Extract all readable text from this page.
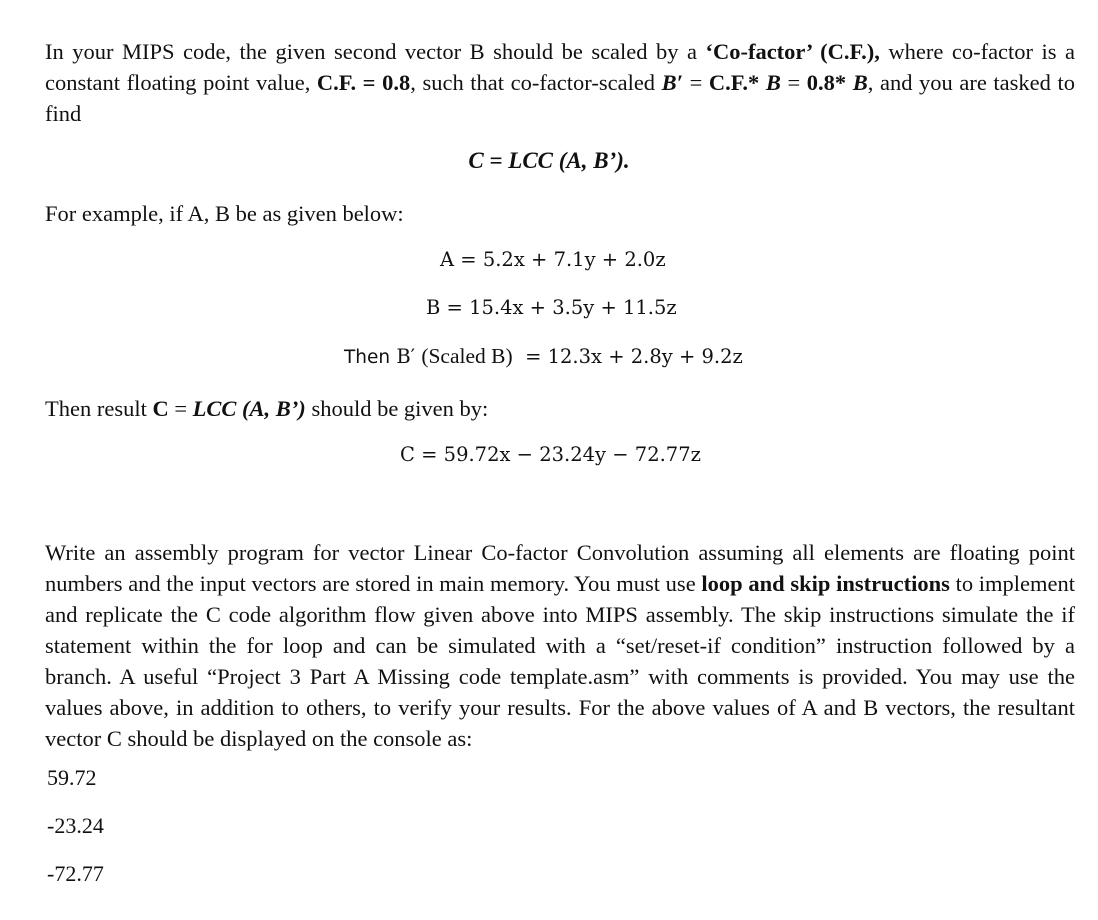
In your MIPS code, the given second vector B should be scaled by a ‘Co-factor’ (C.F.), where co-factor is a constant floating point value, C.F. = 0.8, such that co-factor-scaled B′ = C.F.* B = 0.8* B, and you are tasked to find

C = LCC (A, B’).

For example, if A, B be as given below:

A = 5.2x + 7.1y + 2.0z

B = 15.4x + 3.5y + 11.5z

Then B′ (Scaled B) = 12.3x + 2.8y + 9.2z

Then result C = LCC (A, B’) should be given by:

C = 59.72x − 23.24y − 72.77z

Write an assembly program for vector Linear Co-factor Convolution assuming all elements are floating point numbers and the input vectors are stored in main memory. You must use loop and skip instructions to implement and replicate the C code algorithm flow given above into MIPS assembly. The skip instructions simulate the if statement within the for loop and can be simulated with a “set/reset-if condition” instruction followed by a branch. A useful “Project 3 Part A Missing code template.asm” with comments is provided. You may use the values above, in addition to others, to verify your results. For the above values of A and B vectors, the resultant vector C should be displayed on the console as:

59.72

-23.24

-72.77
